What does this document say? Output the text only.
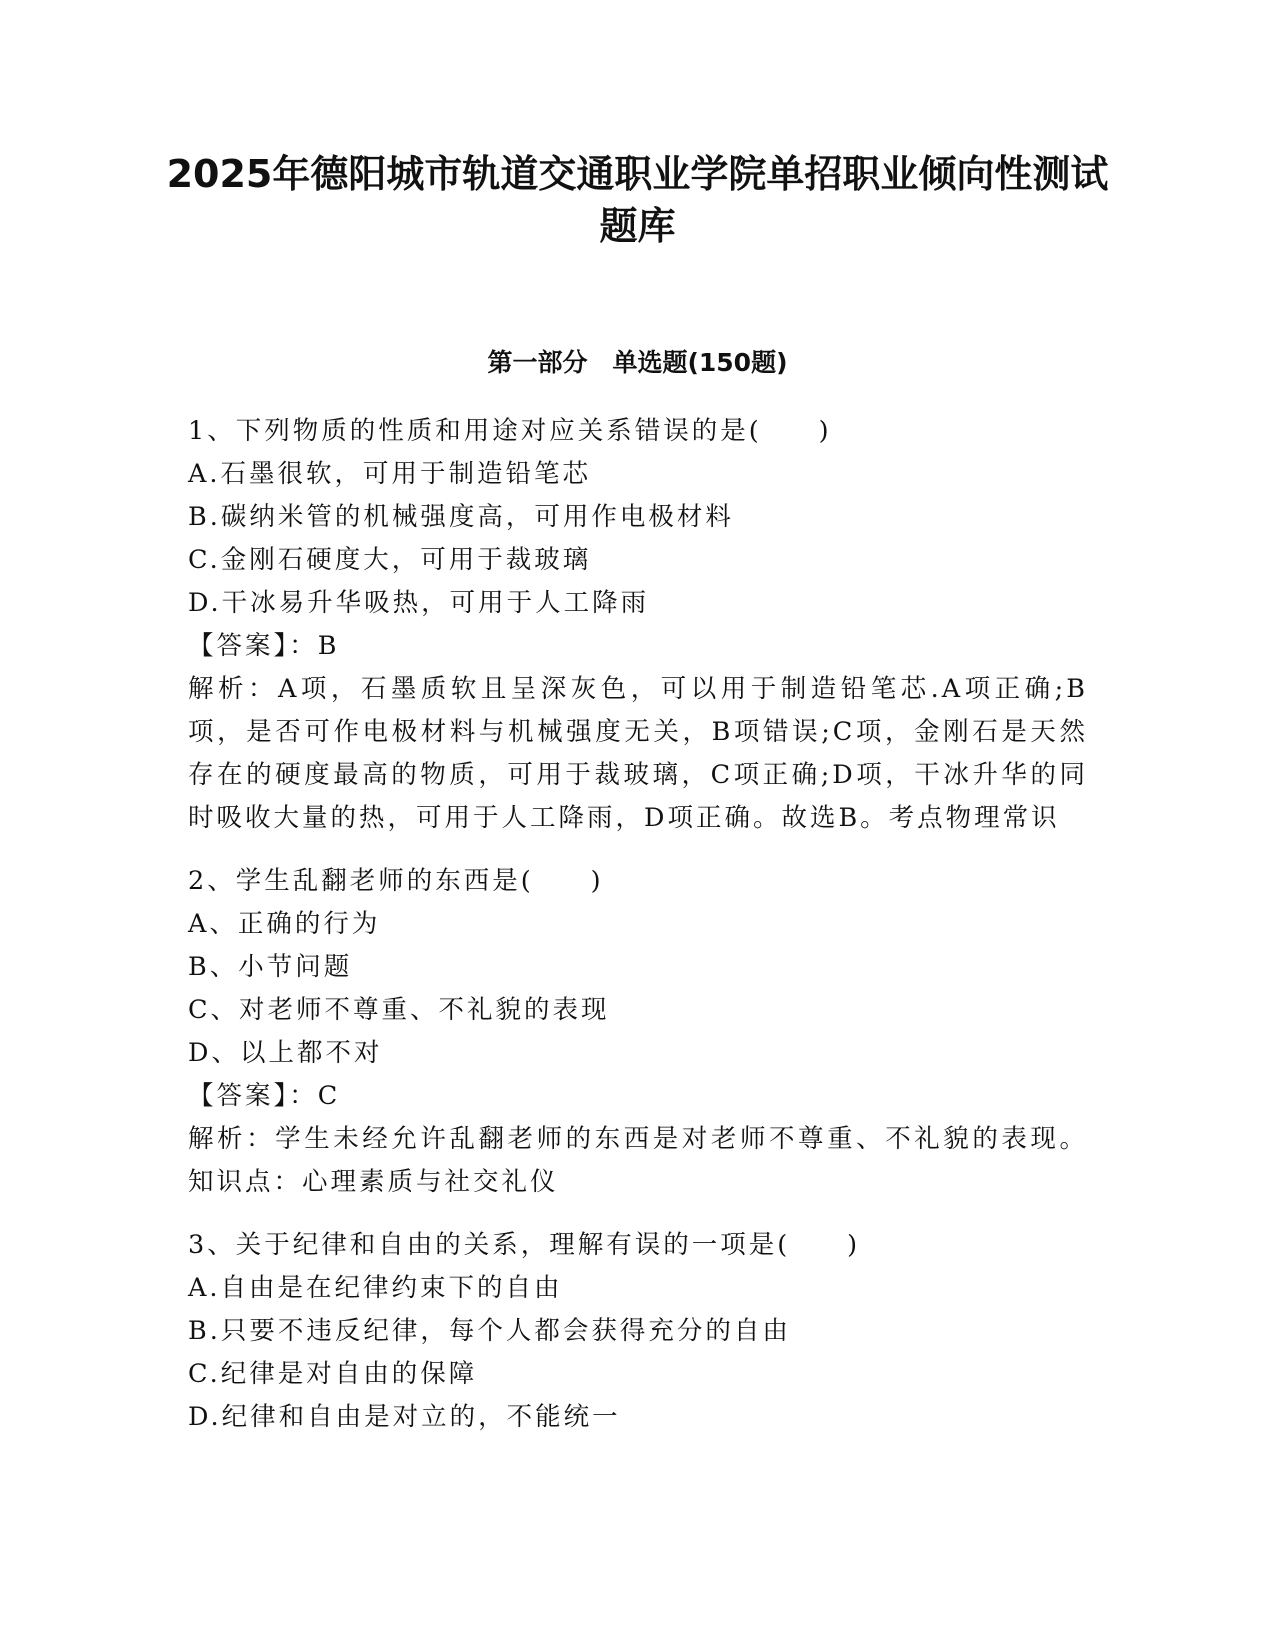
2025年德阳城市轨道交通职业学院单招职业倾向性测试题库
第一部分　单选题(150题)

1、下列物质的性质和用途对应关系错误的是(　　)

A.石墨很软，可用于制造铅笔芯

B.碳纳米管的机械强度高，可用作电极材料

C.金刚石硬度大，可用于裁玻璃

D.干冰易升华吸热，可用于人工降雨

【答案】：B

解析：A项，石墨质软且呈深灰色，可以用于制造铅笔芯.A项正确;B项，是否可作电极材料与机械强度无关，B项错误;C项，金刚石是天然存在的硬度最高的物质，可用于裁玻璃，C项正确;D项，干冰升华的同时吸收大量的热，可用于人工降雨，D项正确。故选B。考点物理常识

2、学生乱翻老师的东西是(　　)

A、正确的行为

B、小节问题

C、对老师不尊重、不礼貌的表现

D、以上都不对

【答案】：C

解析：学生未经允许乱翻老师的东西是对老师不尊重、不礼貌的表现。知识点：心理素质与社交礼仪

3、关于纪律和自由的关系，理解有误的一项是(　　)

A.自由是在纪律约束下的自由

B.只要不违反纪律，每个人都会获得充分的自由

C.纪律是对自由的保障

D.纪律和自由是对立的，不能统一
